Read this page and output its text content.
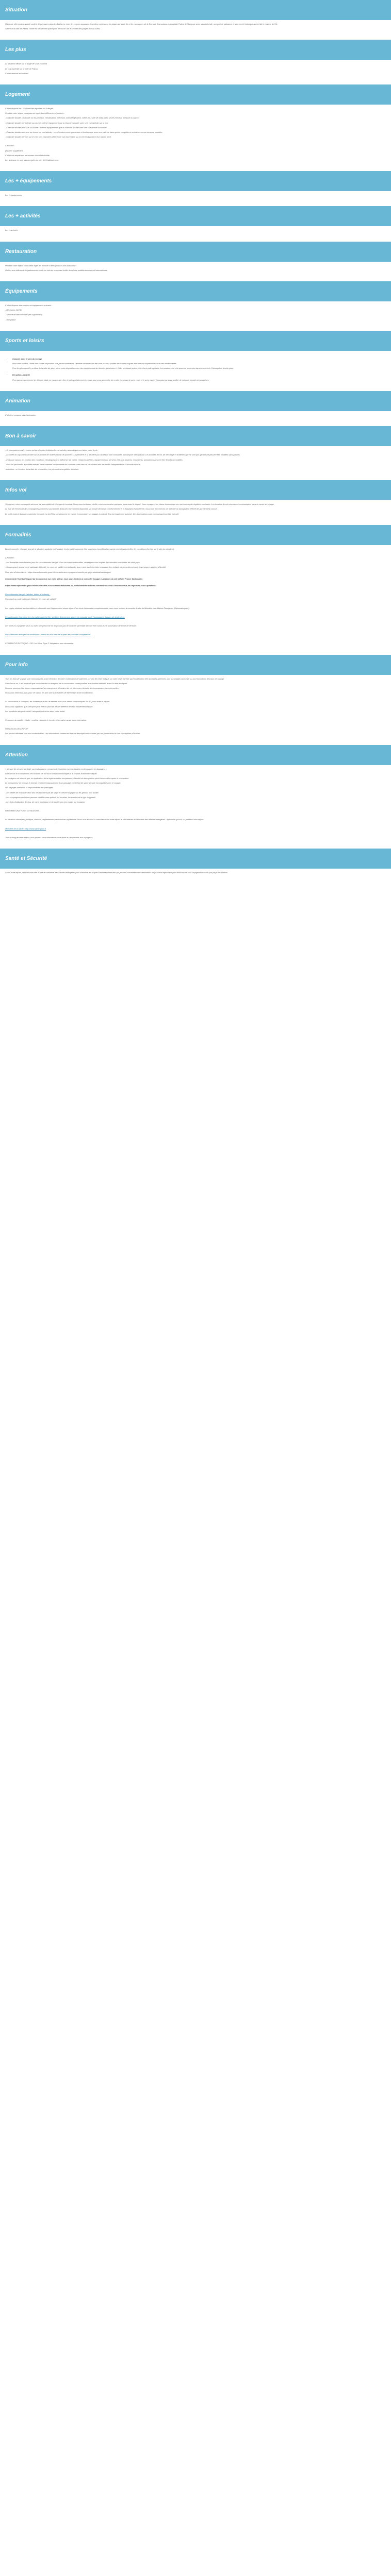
Situation

Majorque offre la plus grande variété de paysages dans les Baléares, entre les criques sauvages, les côtes rocheuses, les plages de sable fin et les montagnes de la Serra de Tramuntana. La capitale Palma de Majorque avec sa cathédrale, son port de plaisance et son centre historique animé fait le charme de l'île.

Situé sur la baie de Palma, l'hôtel est idéalement placé pour découvrir l'île et profiter des plages du sud-ouest.

Les plus

La situation idéale sur la plage de Cala Estancia

Le vrai impératif sur la baie de Palma

L'hôtel réservé aux adultes

Logement

L'hôtel dispose de 127 chambres réparties sur 4 étages.

Pendant votre séjour vous pourrez loger dans différentes chambres :

- Chambre double : lit double ou lits jumeaux, climatisation, télévision, mini-réfrigérateur, coffre-fort, salle de bains avec sèche-cheveux, terrasse ou balcon.

- Chambre double vue latérale sur la mer : même équipement que la chambre double, avec une vue latérale sur la mer.

- Chambre double avec vue sur la mer : mêmes équipements que la chambre double avec une vue directe sur la mer.

- Chambre double avec vue sur la mer ou vue latérale : ces chambres sont spacieuses et lumineuses, avec une salle de bains privée complète et un balcon ou une terrasse meublée.

- Chambre double vue mer sur le mer : ces chambres offrent une vue imprenable sur la mer et disposent d'un balcon privé.

A NOTER :

(B) avec supplément

L'hôtel est adapté aux personnes à mobilité réduite.

Les animaux ne sont pas acceptés au sein de l'établissement.

Les + équipements

Les + équipements

Les + activités

Les + activités

Restauration

Pendant votre séjour vous serez logés en formule « demi-pension hors boissons ».

Goûtez aux délices de la gastronomie locale au sein du restaurant buffet de cuisine méditerranéenne et internationale.

Équipements

L'hôtel dispose des services et équipements suivants :

- Réception 24/24h

- Service de blanchisserie (en supplément)

- Wifi gratuit

Sports et loisirs
• Compris dans le prix du voyage

Pour votre confort, l'hôtel met à votre disposition une piscine extérieure. Ouverte seulement en été vous pourrez profiter de chaises longues et d'une vue imprenable sur la mer méditerranée.

Pour les plus sportifs, profitez de la salle de sport mis à votre disposition avec des équipements de dernière génération. L'hôtel se situant juste à côté d'une piste cyclable, les amateurs de vélo pourront se rendre dans le centre de Palma grâce à cette piste.

• En option, payante

Pour passer un moment de détente totale en espace bien-être à tout spécialement élu corps pour vous permettre de rendre hommage à votre corps et à votre esprit. Vous pourrez aussi profiter de soins de beauté personnalisés.

Animation

L'hôtel ne propose pas d'animation.

Bon à savoir

- Si vous partez seul(e), notez qu'une chambre individuelle est calculée automatiquement dans votre devis.

- La durée du séjour est calculée sur le nombre de nuitées et non de journées. La première et la dernière jour du séjour sont consacrés au transport international. Les horaires de vol, de décollage et d'atterrissage ne sont pas garantis et peuvent être modifiés sans préavis.

- En basse saison, en fonction des conditions climatiques ou à l'affluence de l'hôtel, certaines activités, équipements ou services (tels que piscines, restaurants, animations) peuvent être fermés ou modifiés.

- Pour les personnes à mobilité réduite, il est vivement recommandé de contacter notre service réservation afin de vérifier l'adaptabilité de la formule choisie.

- Attention : en fonction de la date de réservation, les prix sont susceptibles d'évoluer.

Infos vol

Voyageurs, votre compagnie aérienne est susceptible de changer de terminal. Nous vous invitons à vérifier votre convocation quelques jours avant le départ. Vous voyagerez en classe économique sur une compagnie régulière ou charter. Les horaires de vol vous seront communiqués dans le carnet de voyage.

La liste de l'ensemble des compagnies aériennes susceptibles d'assurer votre vol est disponible sur simple demande. Conformément à la législation européenne, nous vous informerons de l'identité du transporteur effectif dès qu'elle sera connue.

Le poids total de bagages autorisés en soute est de 20 kg par personne en classe économique. Un bagage à main de 5 kg est également autorisé. Ces informations sont communiquées à titre indicatif.

Formalités

Bonne nouvelle : Compte tenu de la situation sanitaire en Espagne, les formalités peuvent être soumises à modifications avant votre départ (vérifiez les conditions d'entrée sur le site du ministère).

A NOTER :

- Les formalités sont données pour les ressortissants français. Pour les autres nationalités, renseignez-vous auprès des autorités consulaires de votre pays.

- Un passeport ou une carte nationale d'identité en cours de validité est obligatoire pour entrer sur le territoire espagnol. Les enfants mineurs doivent avoir leurs propres papiers d'identité.

Pour plus d'informations : https://www.diplomatie.gouv.fr/fr/conseils-aux-voyageurs/conseils-par-pays-destination/espagne/

Concernant l'éventuel impact du Coronavirus sur votre séjour, nous vous invitons à consulter la page ci-dessous du site officiel France Diplomatie :

https://www.diplomatie.gouv.fr/fr/le-ministere-et-son-reseau/actualites-du-ministere/informations-coronavirus-covid-19/coronavirus-les-reponses-a-vos-questions/

Ressortissants français (adultes, bébés et enfants) :

Passeport ou carte nationale d'identité en cours de validité.

Les règles relatives aux formalités et à la santé sont fréquemment mises à jour. Pour toute information complémentaire, nous vous invitons à consulter le site du Ministère des Affaires Étrangères (Diplomatie.gouv).

Ressortissants étrangers : Les formalités doivent être vérifiées directement auprès du consulat ou de l'ambassade du pays de destination.

Les mineurs voyageant seuls ou avec une personne ne disposant pas de l'autorité parentale devront être munis d'une autorisation de sortie de territoire.

Ressortissants étrangers et binationaux : merci de vous assurer auprès des autorités compétentes.

COURANT ÉLECTRIQUE : 230 V et 50Hz. Type F. Adaptateur non nécessaire.

Pour info

Tous les frais de voyage sont communiqués avant réception de votre confirmation de paiement. Le prix de vente indiqué sur votre devis est fixe sauf modification liée aux taxes aériennes, aux surcharges carburant ou aux fluctuations des taux de change.

Dans le cas où, il est impératif que vous obteniez la réception de la convocation correspondant aux horaires définitifs avant la date de départ.

Nous ne pouvons être tenus responsables d'un changement d'horaires de vol intervenu à la suite de circonstances exceptionnelles.

Nous vous informons que, pour ce séjour, les prix sont susceptibles de faire l'objet d'une modification.

La convocation à l'aéroport, les horaires et le lieu de rendez-vous vous seront communiqués 8 à 10 jours avant le départ.

Nous vous signalons que l'aéroport peut être un point de départ différent de celui initialement indiqué.

Les transferts aéroport / hôtel / aéroport sont inclus dans votre forfait.

Personnes à mobilité réduite : veuillez contacter le service réservation avant toute réservation.

PRÉCISION DESCRIPTIF

Les photos affichées sont non contractuelles. Les informations contenues dans ce descriptif sont fournies par nos partenaires et sont susceptibles d'évoluer.

Attention

« Mesure de sécurité sanitaire sur les bagages : mesures de restriction sur les liquides contenus dans les bagages. »

Dans le cas d'un vol charter, les horaires de vol vous seront communiqués 8 à 10 jours avant votre départ.

Le voyageur est informé que, en application de la réglementation européenne, l'identité du transporteur peut être modifiée après la réservation.

Le transporteur se réserve le droit de refuser l'embarquement à un passager dont l'état de santé semble incompatible avec le voyage.

Les bagages sont sous la responsabilité des passagers.

- Les bébés de moins de deux ans ne disposent pas de siège et doivent voyager sur les genoux d'un adulte.

- Les compagnies aériennes peuvent modifier sans préavis les horaires, les escales et le type d'appareil.

- Les frais d'obligation de visa, de carte touristique et de santé sont à la charge du voyageur.

INFORMATIONS POUR VOYAGEURS :

La situation climatique, politique, sanitaire, réglementaire peut évoluer rapidement. Nous vous invitons à consulter avant votre départ le site Internet du Ministère des Affaires étrangères : diplomatie.gouv.fr, ou pendant votre séjour.

Ministère de la Santé : http://www.sante.gouv.fr

Tout au long de votre séjour, vous pouvez vous informer en consultant le site conseils aux voyageurs.

Santé et Sécurité

Avant votre départ, veuillez consulter le site du ministère des Affaires étrangères pour connaître les risques sanitaires éventuels qui peuvent concerner votre destination : https://www.diplomatie.gouv.fr/fr/conseils-aux-voyageurs/conseils-par-pays-destination/
